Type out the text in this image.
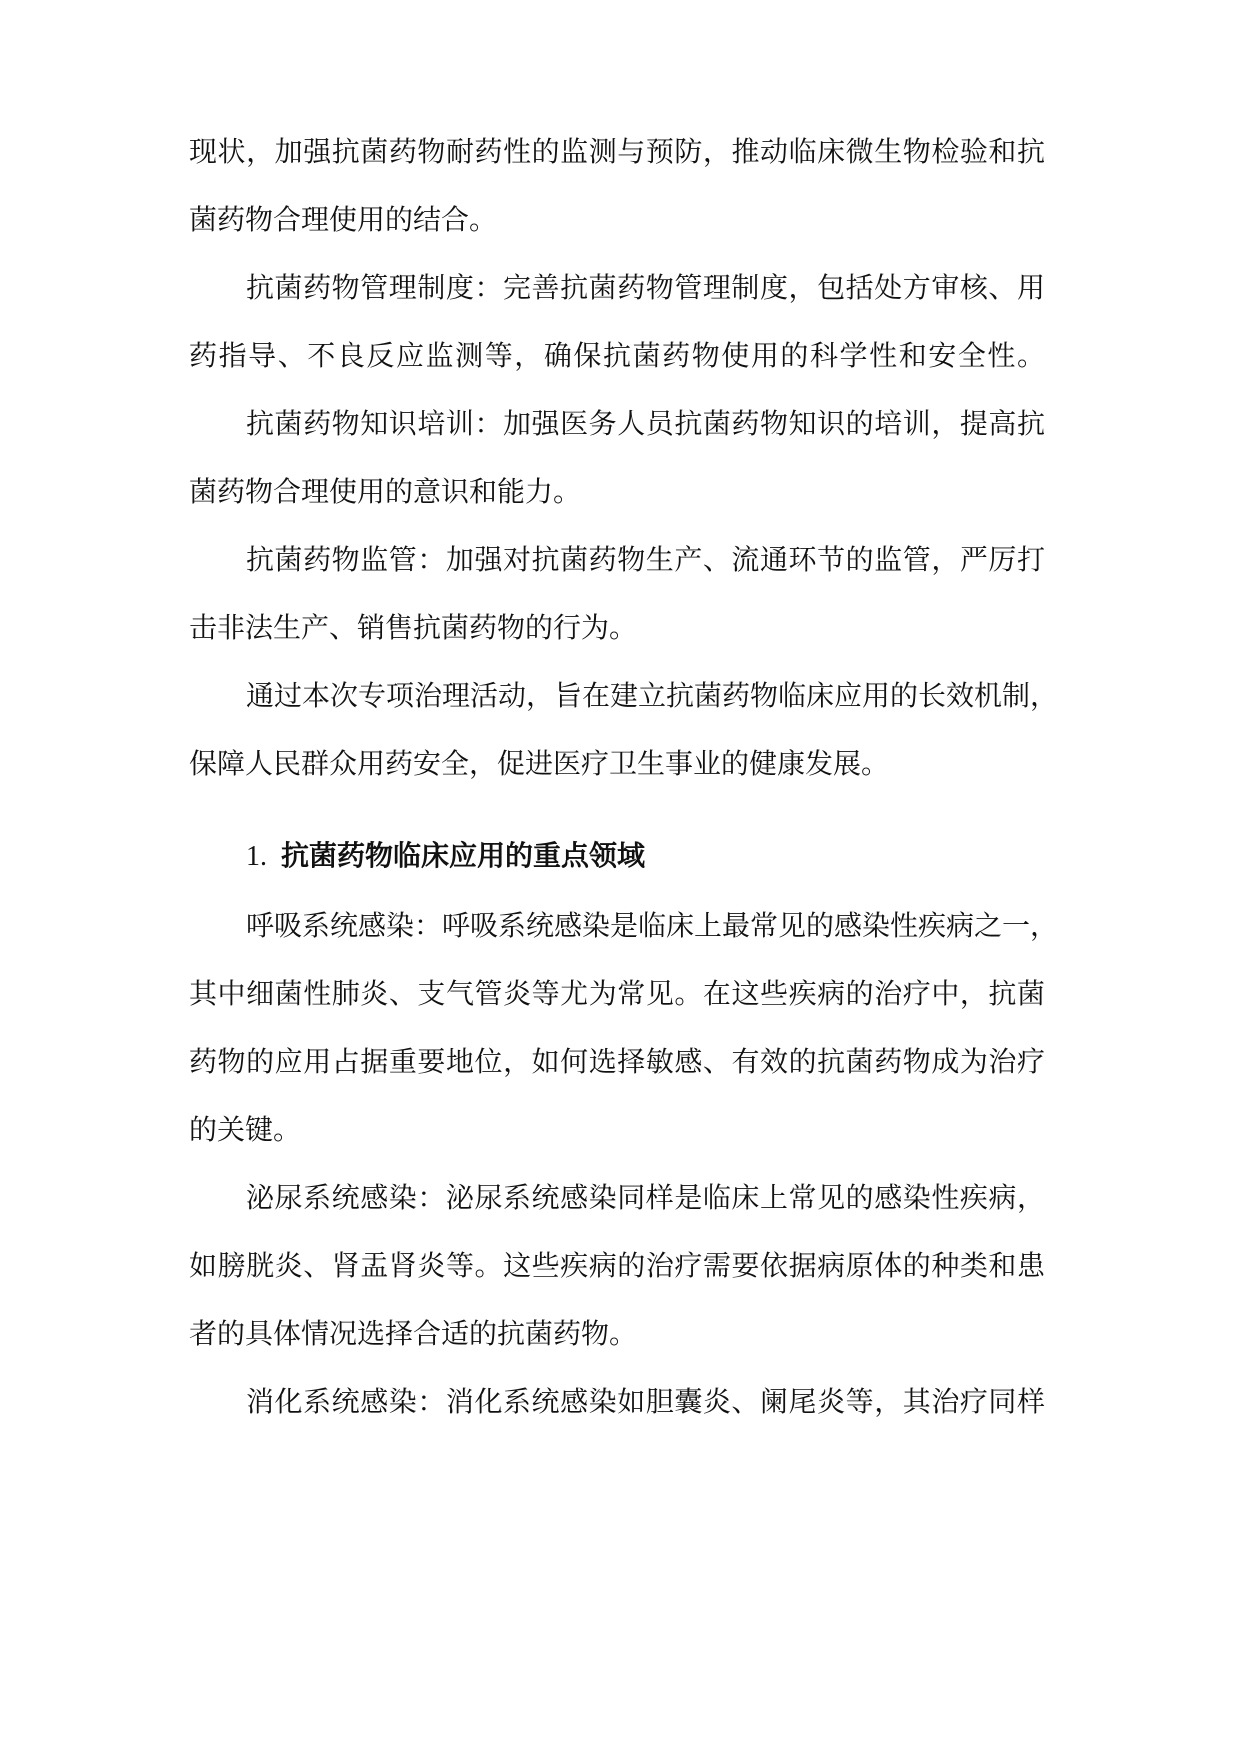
现状，加强抗菌药物耐药性的监测与预防，推动临床微生物检验和抗
菌药物合理使用的结合。
抗菌药物管理制度：完善抗菌药物管理制度，包括处方审核、用
药指导、不良反应监测等，确保抗菌药物使用的科学性和安全性。
抗菌药物知识培训：加强医务人员抗菌药物知识的培训，提高抗
菌药物合理使用的意识和能力。
抗菌药物监管：加强对抗菌药物生产、流通环节的监管，严厉打
击非法生产、销售抗菌药物的行为。
通过本次专项治理活动，旨在建立抗菌药物临床应用的长效机制，
保障人民群众用药安全，促进医疗卫生事业的健康发展。
1. 抗菌药物临床应用的重点领域
呼吸系统感染：呼吸系统感染是临床上最常见的感染性疾病之一，
其中细菌性肺炎、支气管炎等尤为常见。在这些疾病的治疗中，抗菌
药物的应用占据重要地位，如何选择敏感、有效的抗菌药物成为治疗
的关键。
泌尿系统感染：泌尿系统感染同样是临床上常见的感染性疾病，
如膀胱炎、肾盂肾炎等。这些疾病的治疗需要依据病原体的种类和患
者的具体情况选择合适的抗菌药物。
消化系统感染：消化系统感染如胆囊炎、阑尾炎等，其治疗同样
